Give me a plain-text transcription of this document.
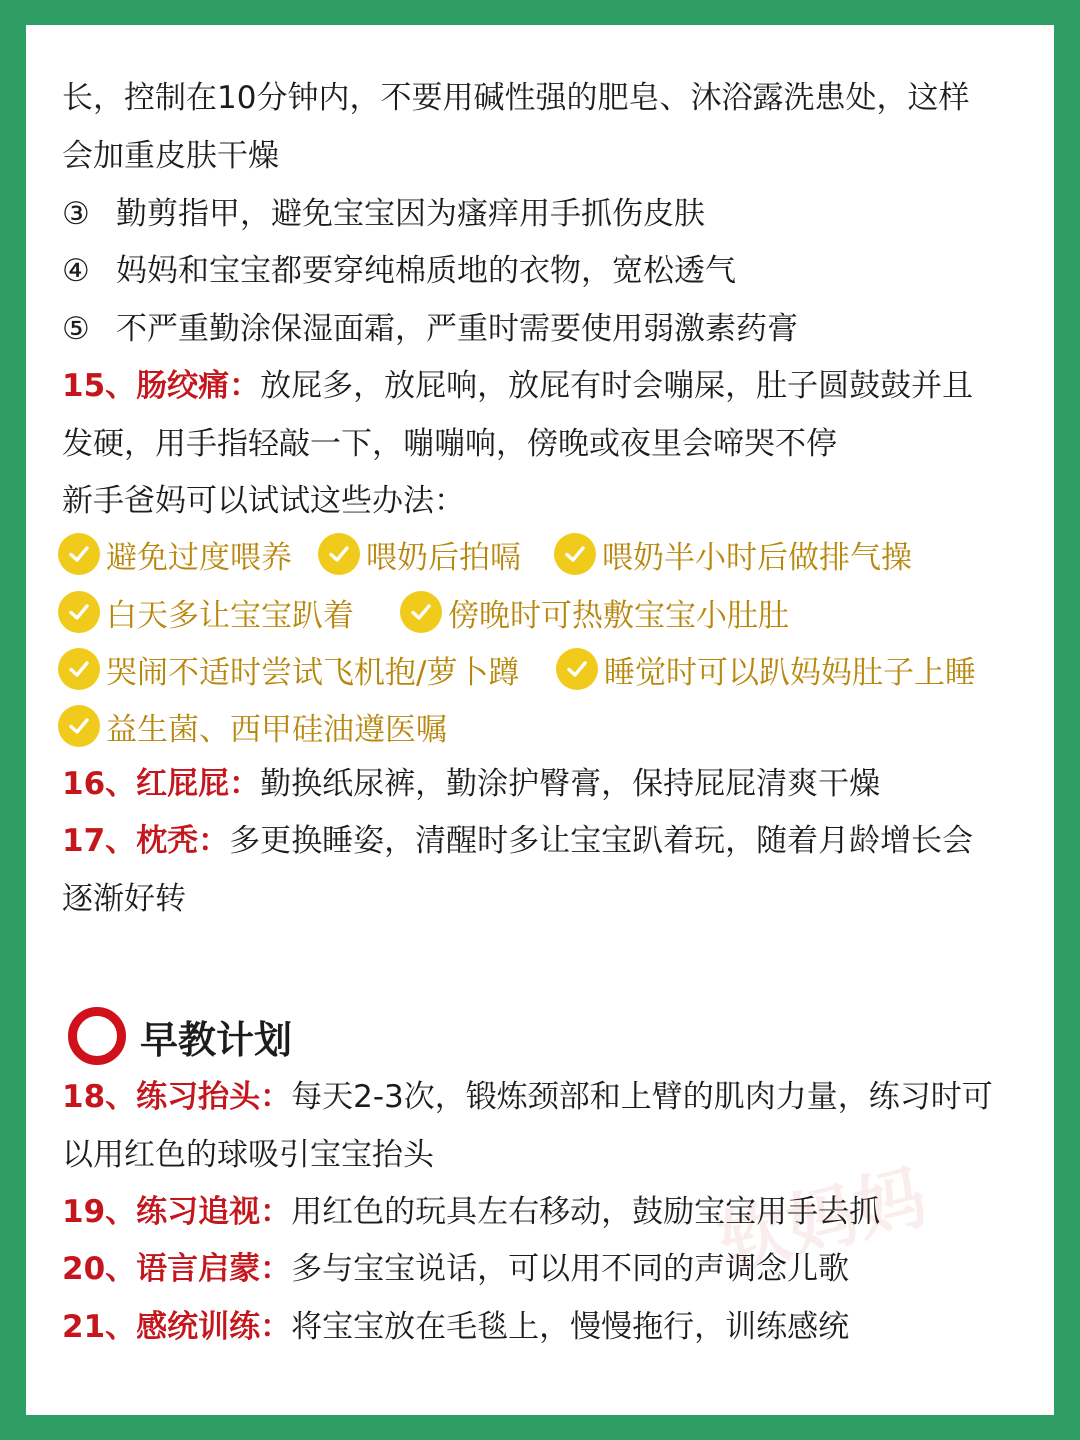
长，控制在10分钟内，不要用碱性强的肥皂、沐浴露洗患处，这样
会加重皮肤干燥
③ 勤剪指甲，避免宝宝因为瘙痒用手抓伤皮肤
④ 妈妈和宝宝都要穿纯棉质地的衣物，宽松透气
⑤ 不严重勤涂保湿面霜，严重时需要使用弱激素药膏
15、肠绞痛：放屁多，放屁响，放屁有时会嘣屎，肚子圆鼓鼓并且
发硬，用手指轻敲一下，嘣嘣响，傍晚或夜里会啼哭不停
新手爸妈可以试试这些办法：
避免过度喂养 喂奶后拍嗝	喂奶半小时后做排气操
白天多让宝宝趴着	傍晚时可热敷宝宝小肚肚
哭闹不适时尝试飞机抱/萝卜蹲	睡觉时可以趴妈妈肚子上睡
益生菌、西甲硅油遵医嘱
16、红屁屁：勤换纸尿裤，勤涂护臀膏，保持屁屁清爽干燥
17、枕秃：多更换睡姿，清醒时多让宝宝趴着玩，随着月龄增长会
逐渐好转
早教计划
18、练习抬头：每天2-3次，锻炼颈部和上臂的肌肉力量，练习时可
以用红色的球吸引宝宝抬头
19、练习追视：用红色的玩具左右移动，鼓励宝宝用手去抓
20、语言启蒙：多与宝宝说话，可以用不同的声调念儿歌
21、感统训练：将宝宝放在毛毯上，慢慢拖行，训练感统
软妈妈
